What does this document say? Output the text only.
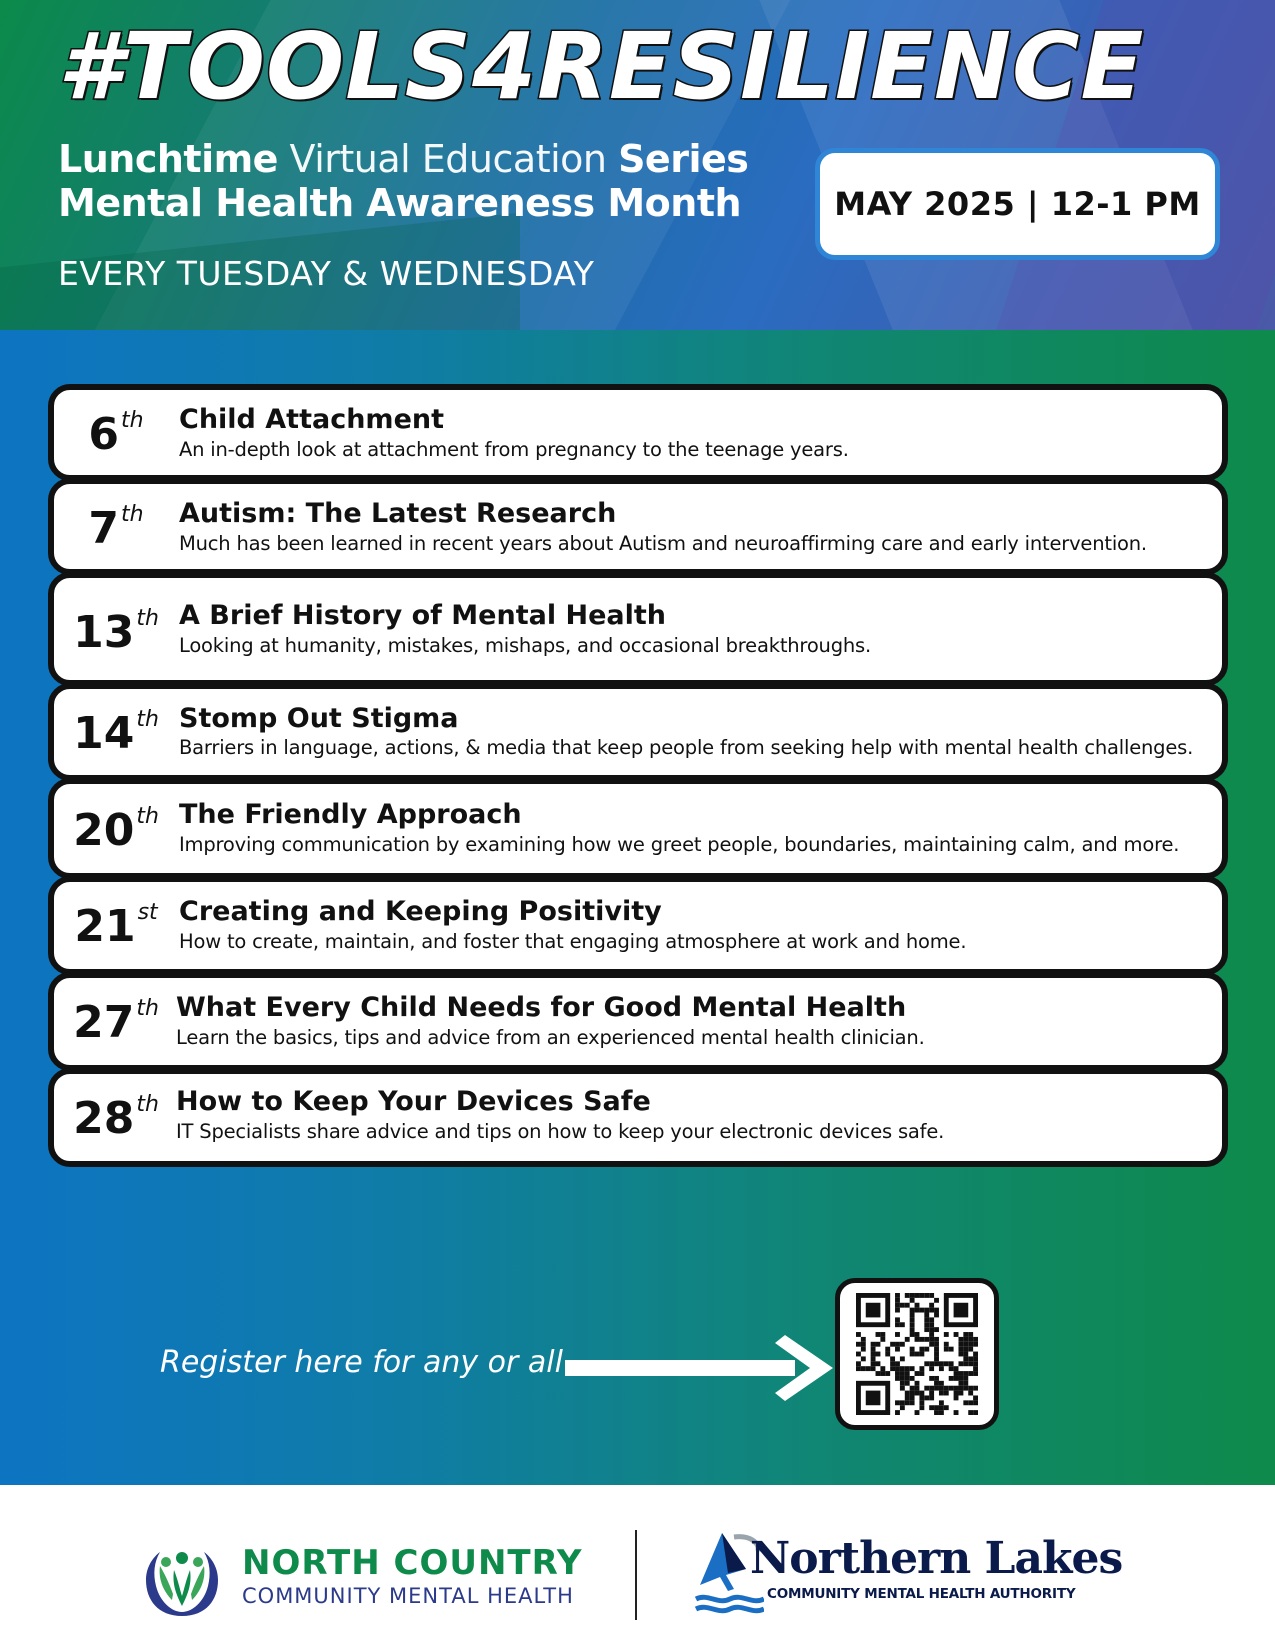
#TOOLS4RESILIENCE
Lunchtime Virtual Education Series
Mental Health Awareness Month
EVERY TUESDAY & WEDNESDAY
MAY 2025 | 12-1 PM
6th	Child Attachment
An in-depth look at attachment from pregnancy to the teenage years.
7th	Autism: The Latest Research
Much has been learned in recent years about Autism and neuroaffirming care and early intervention.
13th A Brief History of Mental Health
Looking at humanity, mistakes, mishaps, and occasional breakthroughs.
14th Stomp Out Stigma
Barriers in language, actions, & media that keep people from seeking help with mental health challenges.
20th The Friendly Approach
Improving communication by examining how we greet people, boundaries, maintaining calm, and more.
21st Creating and Keeping Positivity
How to create, maintain, and foster that engaging atmosphere at work and home.
27th What Every Child Needs for Good Mental Health
Learn the basics, tips and advice from an experienced mental health clinician.
28th How to Keep Your Devices Safe
IT Specialists share advice and tips on how to keep your electronic devices safe.
Register here for any or all
NORTH COUNTRY
COMMUNITY MENTAL HEALTH
Northern Lakes
COMMUNITY MENTAL HEALTH AUTHORITY
